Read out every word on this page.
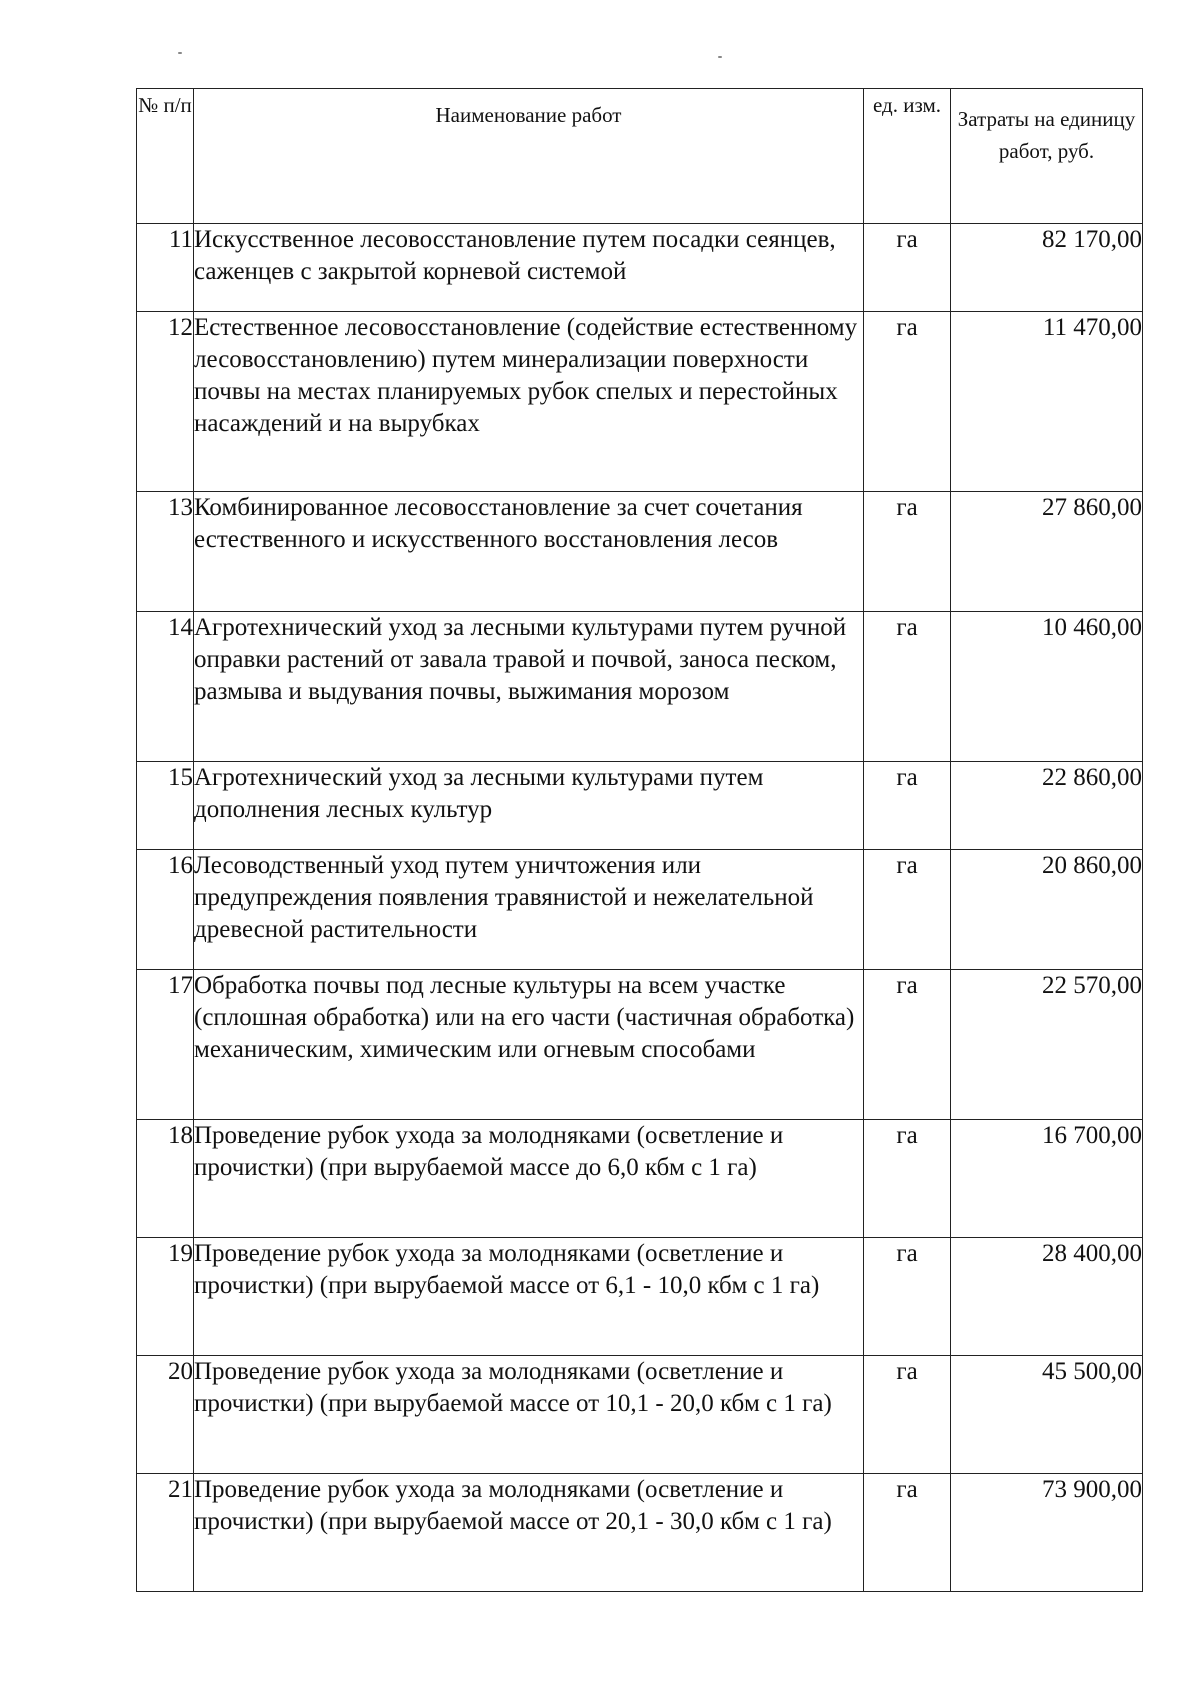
№ п/п	Наименование работ	ед. изм.	Затраты на единицу работ, руб.
11	Искусственное лесовосстановление путем посадки сеянцев, саженцев с закрытой корневой системой	га	82 170,00
12	Естественное лесовосстановление (содействие естественному лесовосстановлению) путем минерализации поверхности почвы на местах планируемых рубок спелых и перестойных насаждений и на вырубках	га	11 470,00
13	Комбинированное лесовосстановление за счет сочетания естественного и искусственного восстановления лесов	га	27 860,00
14	Агротехнический уход за лесными культурами путем ручной оправки растений от завала травой и почвой, заноса песком, размыва и выдувания почвы, выжимания морозом	га	10 460,00
15	Агротехнический уход за лесными культурами путем дополнения лесных культур	га	22 860,00
16	Лесоводственный уход путем уничтожения или предупреждения появления травянистой и нежелательной древесной растительности	га	20 860,00
17	Обработка почвы под лесные культуры на всем участке (сплошная обработка) или на его части (частичная обработка) механическим, химическим или огневым способами	га	22 570,00
18	Проведение рубок ухода за молодняками (осветление и прочистки) (при вырубаемой массе до 6,0 кбм с 1 га)	га	16 700,00
19	Проведение рубок ухода за молодняками (осветление и прочистки) (при вырубаемой массе от 6,1 - 10,0 кбм с 1 га)	га	28 400,00
20	Проведение рубок ухода за молодняками (осветление и прочистки) (при вырубаемой массе от 10,1 - 20,0 кбм с 1 га)	га	45 500,00
21	Проведение рубок ухода за молодняками (осветление и прочистки) (при вырубаемой массе от 20,1 - 30,0 кбм с 1 га)	га	73 900,00
